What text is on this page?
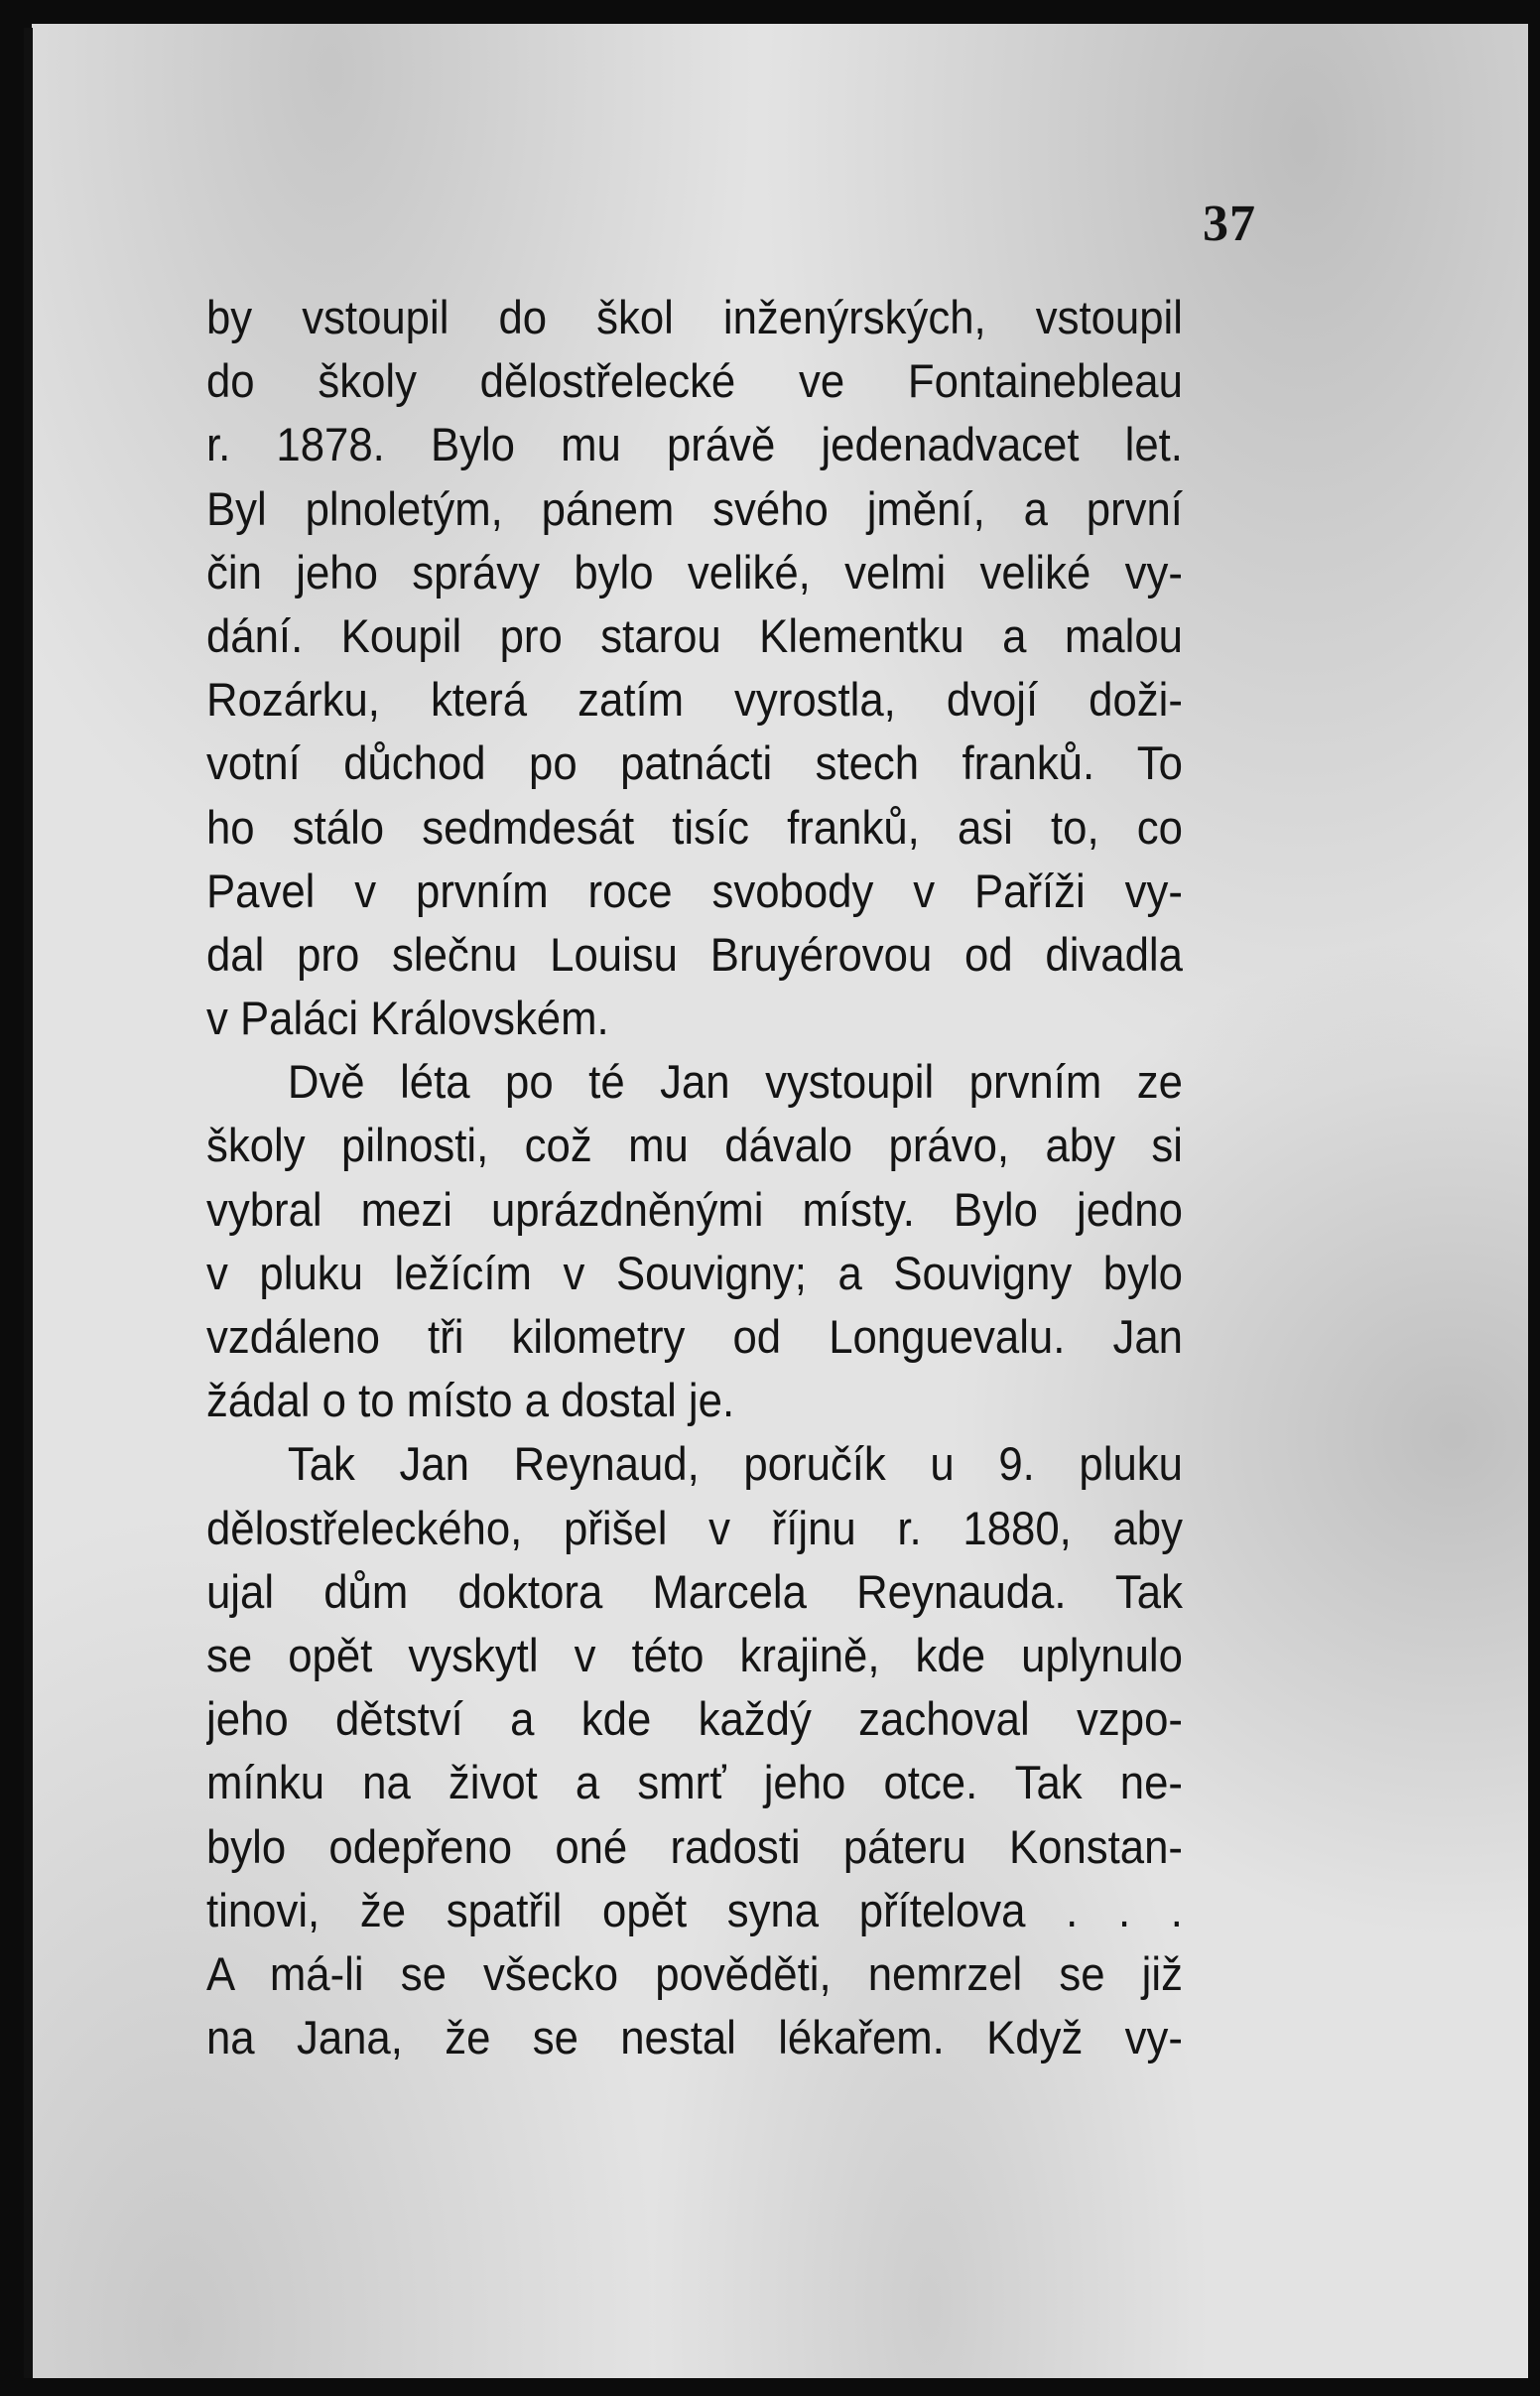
37
by vstoupil do škol inženýrských, vstoupil
do školy dělostřelecké ve Fontainebleau
r. 1878. Bylo mu právě jedenadvacet let.
Byl plnoletým, pánem svého jmění, a první
čin jeho správy bylo veliké, velmi veliké vy-
dání. Koupil pro starou Klementku a malou
Rozárku, která zatím vyrostla, dvojí doži-
votní důchod po patnácti stech franků. To
ho stálo sedmdesát tisíc franků, asi to, co
Pavel v prvním roce svobody v Paříži vy-
dal pro slečnu Louisu Bruyérovou od divadla
v Paláci Královském.
Dvě léta po té Jan vystoupil prvním ze
školy pilnosti, což mu dávalo právo, aby si
vybral mezi uprázdněnými místy. Bylo jedno
v pluku ležícím v Souvigny; a Souvigny bylo
vzdáleno tři kilometry od Longuevalu. Jan
žádal o to místo a dostal je.
Tak Jan Reynaud, poručík u 9. pluku
dělostřeleckého, přišel v říjnu r. 1880, aby
ujal dům doktora Marcela Reynauda. Tak
se opět vyskytl v této krajině, kde uplynulo
jeho dětství a kde každý zachoval vzpo-
mínku na život a smrť jeho otce. Tak ne-
bylo odepřeno oné radosti páteru Konstan-
tinovi, že spatřil opět syna přítelova . . .
A má-li se všecko pověděti, nemrzel se již
na Jana, že se nestal lékařem. Když vy-
